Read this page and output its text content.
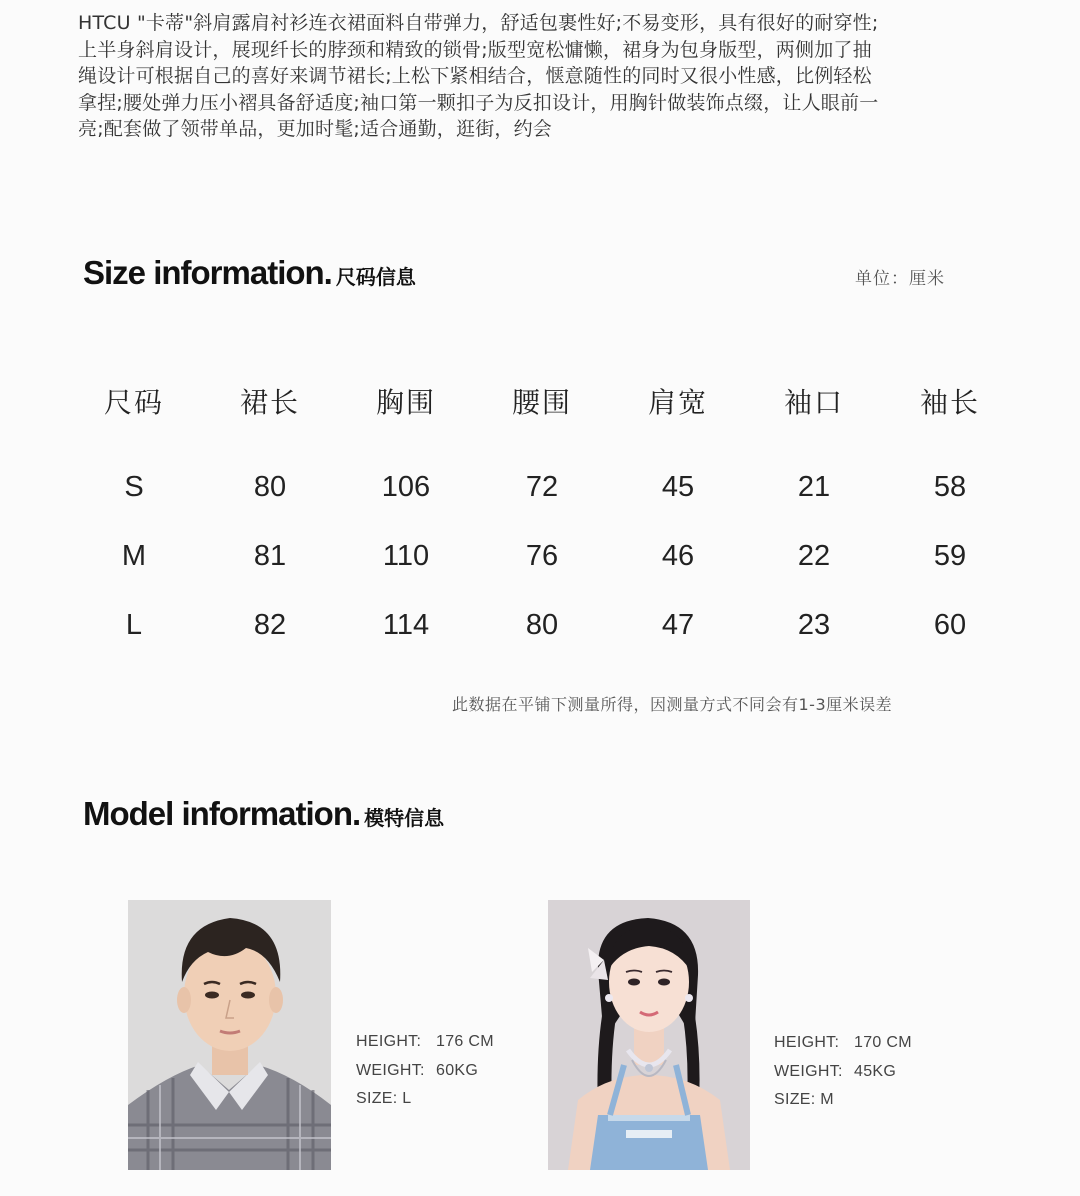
HTCU "卡蒂"斜肩露肩衬衫连衣裙面料自带弹力，舒适包裹性好;不易变形，具有很好的耐穿性;
上半身斜肩设计，展现纤长的脖颈和精致的锁骨;版型宽松慵懒，裙身为包身版型，两侧加了抽
绳设计可根据自己的喜好来调节裙长;上松下紧相结合，惬意随性的同时又很小性感，比例轻松
拿捏;腰处弹力压小褶具备舒适度;袖口第一颗扣子为反扣设计，用胸针做装饰点缀，让人眼前一
亮;配套做了领带单品，更加时髦;适合通勤，逛街，约会
Size information. 尺码信息	单位：厘米
尺码	裙长	胸围	腰围	肩宽	袖口	袖长
S	80	106	72	45	21	58
M	81	110	76	46	22	59
L	82	114	80	47	23	60
此数据在平铺下测量所得，因测量方式不同会有1-3厘米误差
Model information. 模特信息
HEIGHT: 176 CM
WEIGHT: 60KG
SIZE: L
HEIGHT: 170 CM
WEIGHT: 45KG
SIZE: M
